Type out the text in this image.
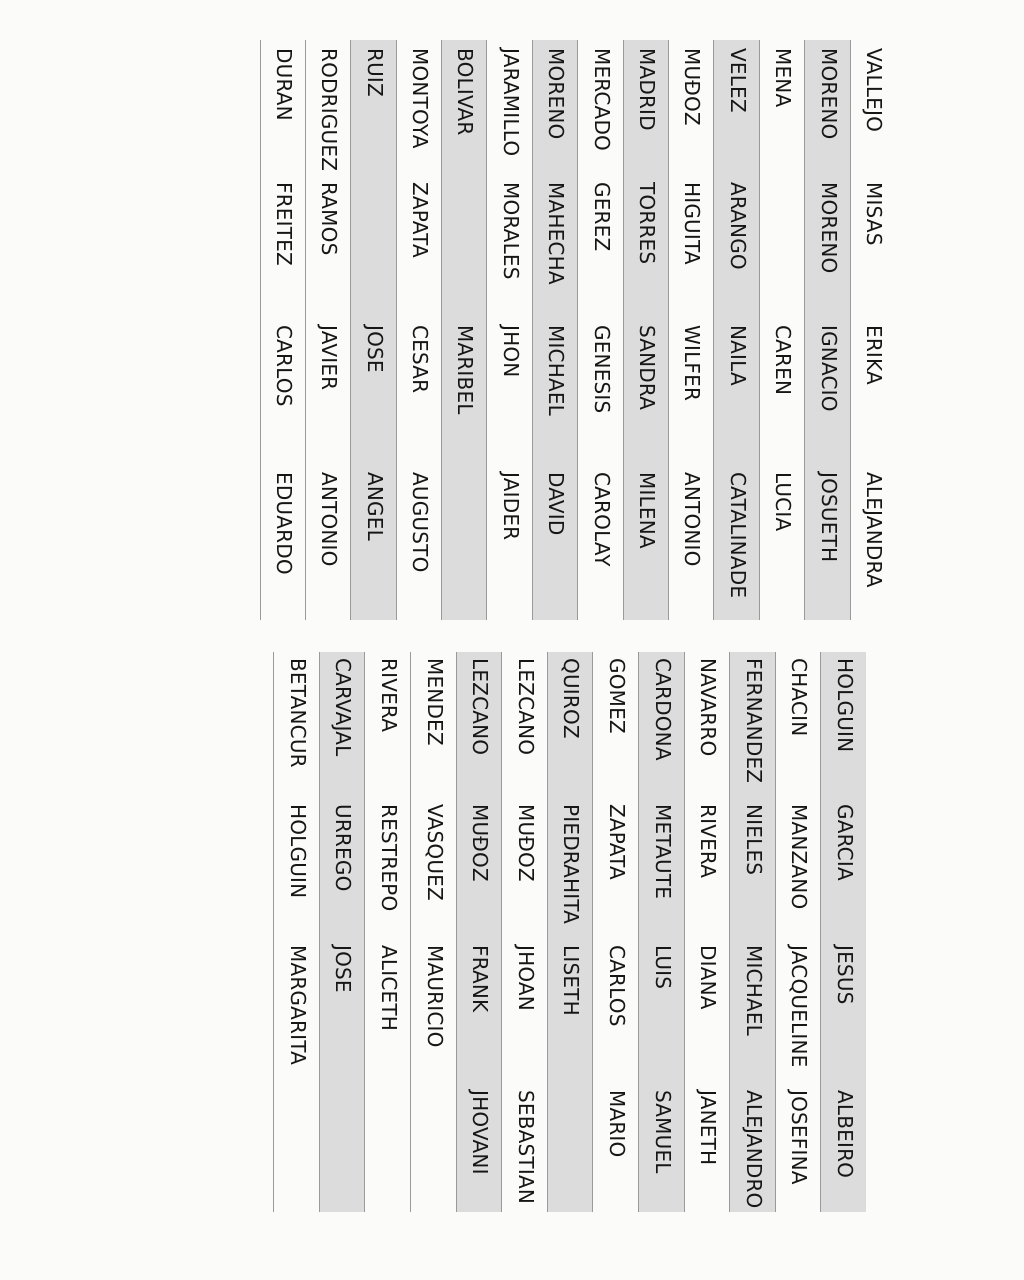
VALLEJO
MISAS
ERIKA
ALEJANDRA
MORENO
MORENO
IGNACIO
JOSUETH
MENA
CAREN
LUCIA
VELEZ
ARANGO
NAILA
CATALINADE
MUÐOZ
HIGUITA
WILFER
ANTONIO
MADRID
TORRES
SANDRA
MILENA
MERCADO
GEREZ
GENESIS
CAROLAY
MORENO
MAHECHA
MICHAEL
DAVID
JARAMILLO
MORALES
JHON
JAIDER
BOLIVAR
MARIBEL
MONTOYA
ZAPATA
CESAR
AUGUSTO
RUIZ
JOSE
ANGEL
RODRIGUEZ
RAMOS
JAVIER
ANTONIO
DURAN
FREITEZ
CARLOS
EDUARDO
HOLGUIN
GARCIA
JESUS
ALBEIRO
CHACIN
MANZANO
JACQUELINE
JOSEFINA
FERNANDEZ
NIELES
MICHAEL
ALEJANDRO
NAVARRO
RIVERA
DIANA
JANETH
CARDONA
METAUTE
LUIS
SAMUEL
GOMEZ
ZAPATA
CARLOS
MARIO
QUIROZ
PIEDRAHITA
LISETH
LEZCANO
MUÐOZ
JHOAN
SEBASTIAN
LEZCANO
MUÐOZ
FRANK
JHOVANI
MENDEZ
VASQUEZ
MAURICIO
RIVERA
RESTREPO
ALICETH
CARVAJAL
URREGO
JOSE
BETANCUR
HOLGUIN
MARGARITA
